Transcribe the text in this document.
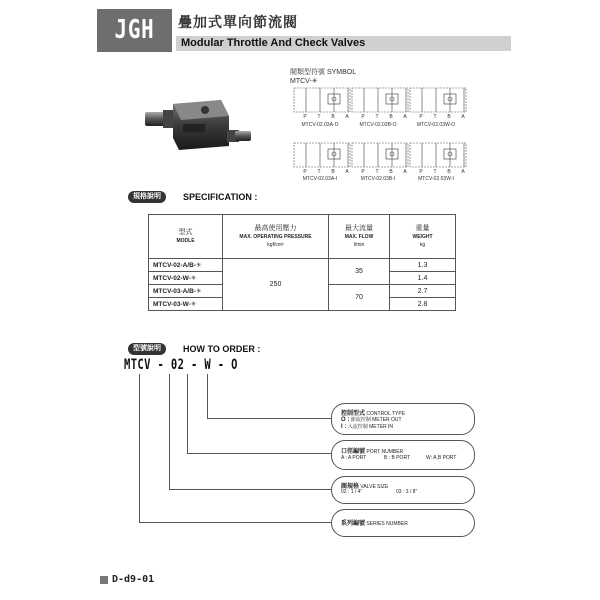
JGH	疊加式單向節流閥
Modular Throttle And Check Valves
閥類型符號 SYMBOL
MTCV-✳
P	T	B	A
MTCV-02.03A-O
P	T	B	A
MTCV-02.03B-O
P	T	B	A
MTCV-02.03W-O
P	T	B	A
MTCV-02.03A-I
P	T	B	A
MTCV-02.03B-I
P	T	B	A
MTCV-02.03W-I
規格說明	SPECIFICATION :
型式
MODLE	最高使用壓力
MAX. OPERATING PRESSURE
kgf/cm²	最大流量
MAX. FLOW
l/min	重量
WEIGHT
kg

MTCV-02-A/B-✳	250	35	1.3
MTCV-02-W-✳			1.4
MTCV-03-A/B-✳		70	2.7
MTCV-03-W-✳			2.8
型號說明	HOW TO ORDER :
MTCV - 02 - W - O
控制型式 CONTROL TYPE
O : 節流控制 METER OUT
I : 入流控制 METER IN
口徑編號 PORT NUMBER
A : A PORT	B : B PORT	W: A,B PORT
閥規格 VALVE SIZE
02 : 1 / 4"	03 : 3 / 8"
系列編號 SERIES NUMBER
D-d9-01
